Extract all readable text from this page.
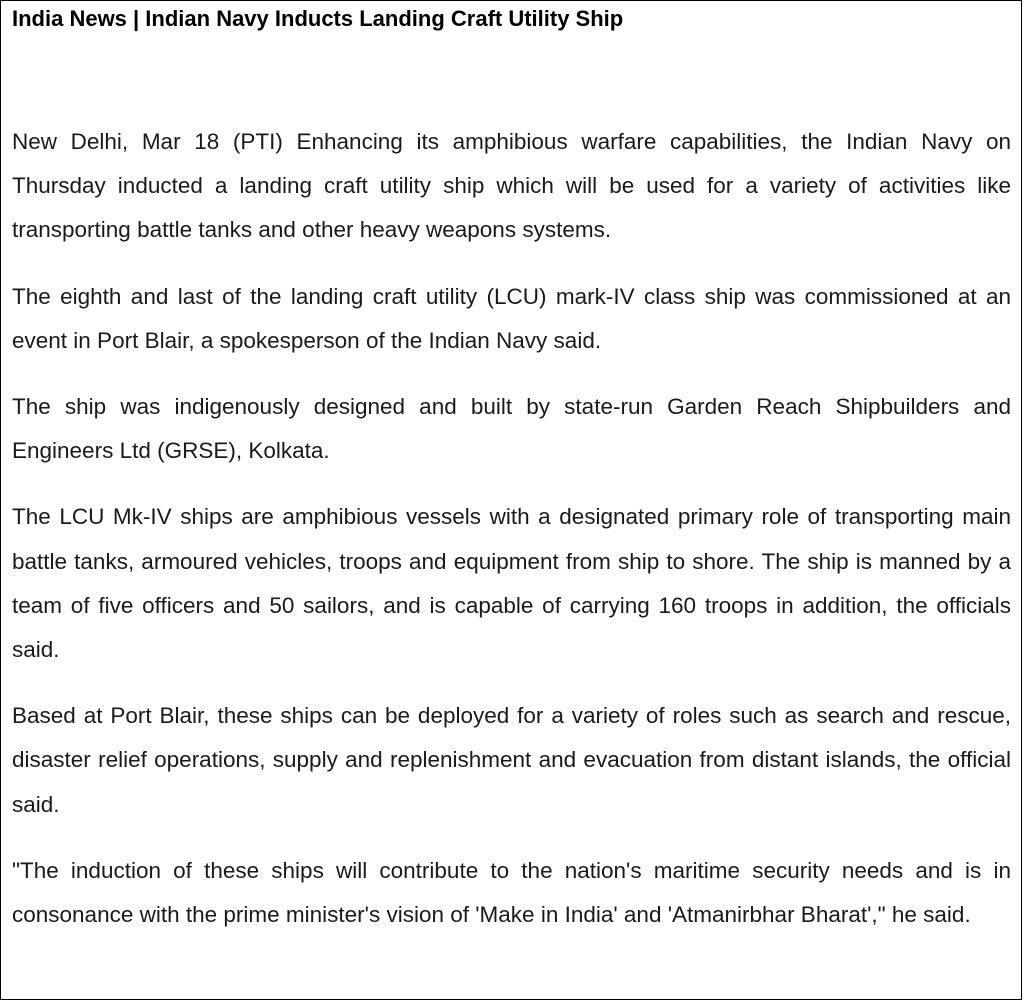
India News | Indian Navy Inducts Landing Craft Utility Ship

New Delhi, Mar 18 (PTI) Enhancing its amphibious warfare capabilities, the Indian Navy on Thursday inducted a landing craft utility ship which will be used for a variety of activities like transporting battle tanks and other heavy weapons systems.

The eighth and last of the landing craft utility (LCU) mark-IV class ship was commissioned at an event in Port Blair, a spokesperson of the Indian Navy said.

The ship was indigenously designed and built by state-run Garden Reach Shipbuilders and Engineers Ltd (GRSE), Kolkata.

The LCU Mk-IV ships are amphibious vessels with a designated primary role of transporting main battle tanks, armoured vehicles, troops and equipment from ship to shore. The ship is manned by a team of five officers and 50 sailors, and is capable of carrying 160 troops in addition, the officials said.

Based at Port Blair, these ships can be deployed for a variety of roles such as search and rescue, disaster relief operations, supply and replenishment and evacuation from distant islands, the official said.

"The induction of these ships will contribute to the nation's maritime security needs and is in consonance with the prime minister's vision of 'Make in India' and 'Atmanirbhar Bharat'," he said.
